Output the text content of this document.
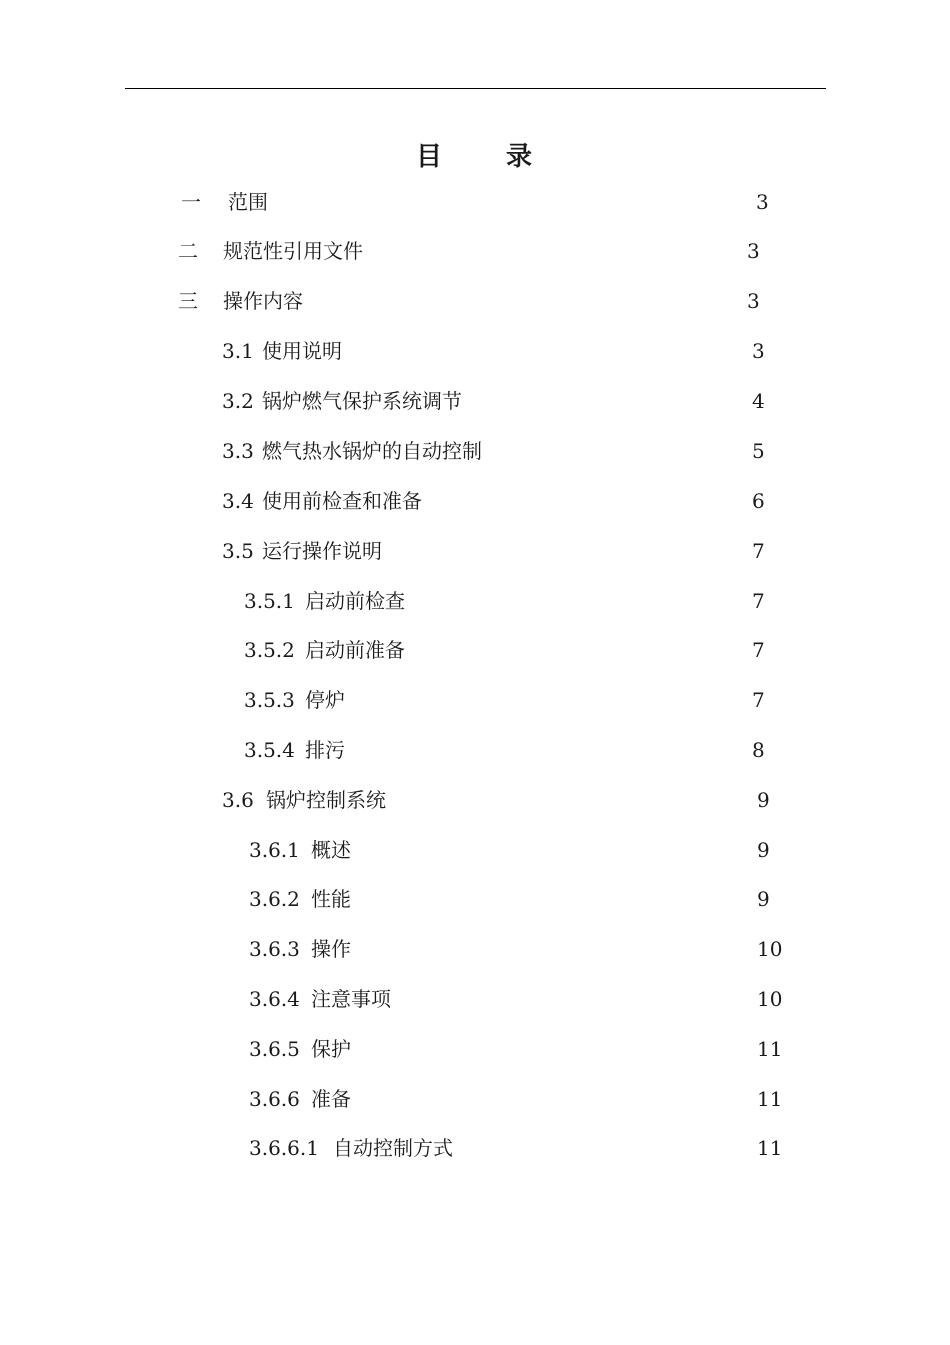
目 录
一 范围	3
二 规范性引用文件	3
三 操作内容	3
3.1 使用说明	3
3.2 锅炉燃气保护系统调节	4
3.3 燃气热水锅炉的自动控制	5
3.4 使用前检查和准备	6
3.5 运行操作说明	7
3.5.1 启动前检查	7
3.5.2 启动前准备	7
3.5.3 停炉	7
3.5.4 排污	8
3.6 锅炉控制系统	9
3.6.1 概述	9
3.6.2 性能	9
3.6.3 操作	10
3.6.4 注意事项	10
3.6.5 保护	11
3.6.6 准备	11
3.6.6.1 自动控制方式	11
